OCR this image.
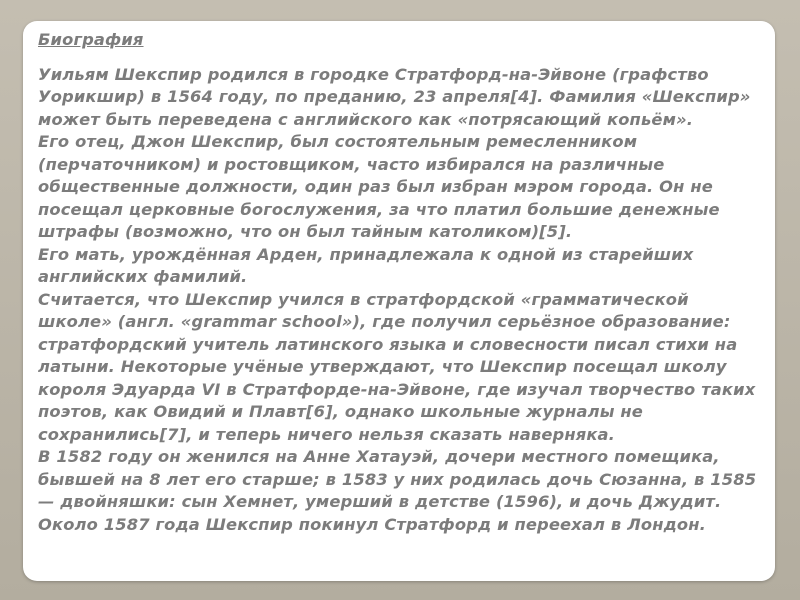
Биография

Уильям Шекспир родился в городке Стратфорд-на-Эйвоне (графство Уорикшир) в 1564 году, по преданию, 23 апреля[4]. Фамилия «Шекспир» может быть переведена с английского как «потрясающий копьём».

Его отец, Джон Шекспир, был состоятельным ремесленником (перчаточником) и ростовщиком, часто избирался на различные общественные должности, один раз был избран мэром города. Он не посещал церковные богослужения, за что платил большие денежные штрафы (возможно, что он был тайным католиком)[5].

Его мать, урождённая Арден, принадлежала к одной из старейших английских фамилий.

Считается, что Шекспир учился в стратфордской «грамматической школе» (англ. «grammar school»), где получил серьёзное образование: стратфордский учитель латинского языка и словесности писал стихи на латыни. Некоторые учёные утверждают, что Шекспир посещал школу короля Эдуарда VI в Стратфорде-на-Эйвоне, где изучал творчество таких поэтов, как Овидий и Плавт[6], однако школьные журналы не сохранились[7], и теперь ничего нельзя сказать наверняка.

В 1582 году он женился на Анне Хатауэй, дочери местного помещика, бывшей на 8 лет его старше; в 1583 у них родилась дочь Сюзанна, в 1585 — двойняшки: сын Хемнет, умерший в детстве (1596), и дочь Джудит. Около 1587 года Шекспир покинул Стратфорд и переехал в Лондон.
